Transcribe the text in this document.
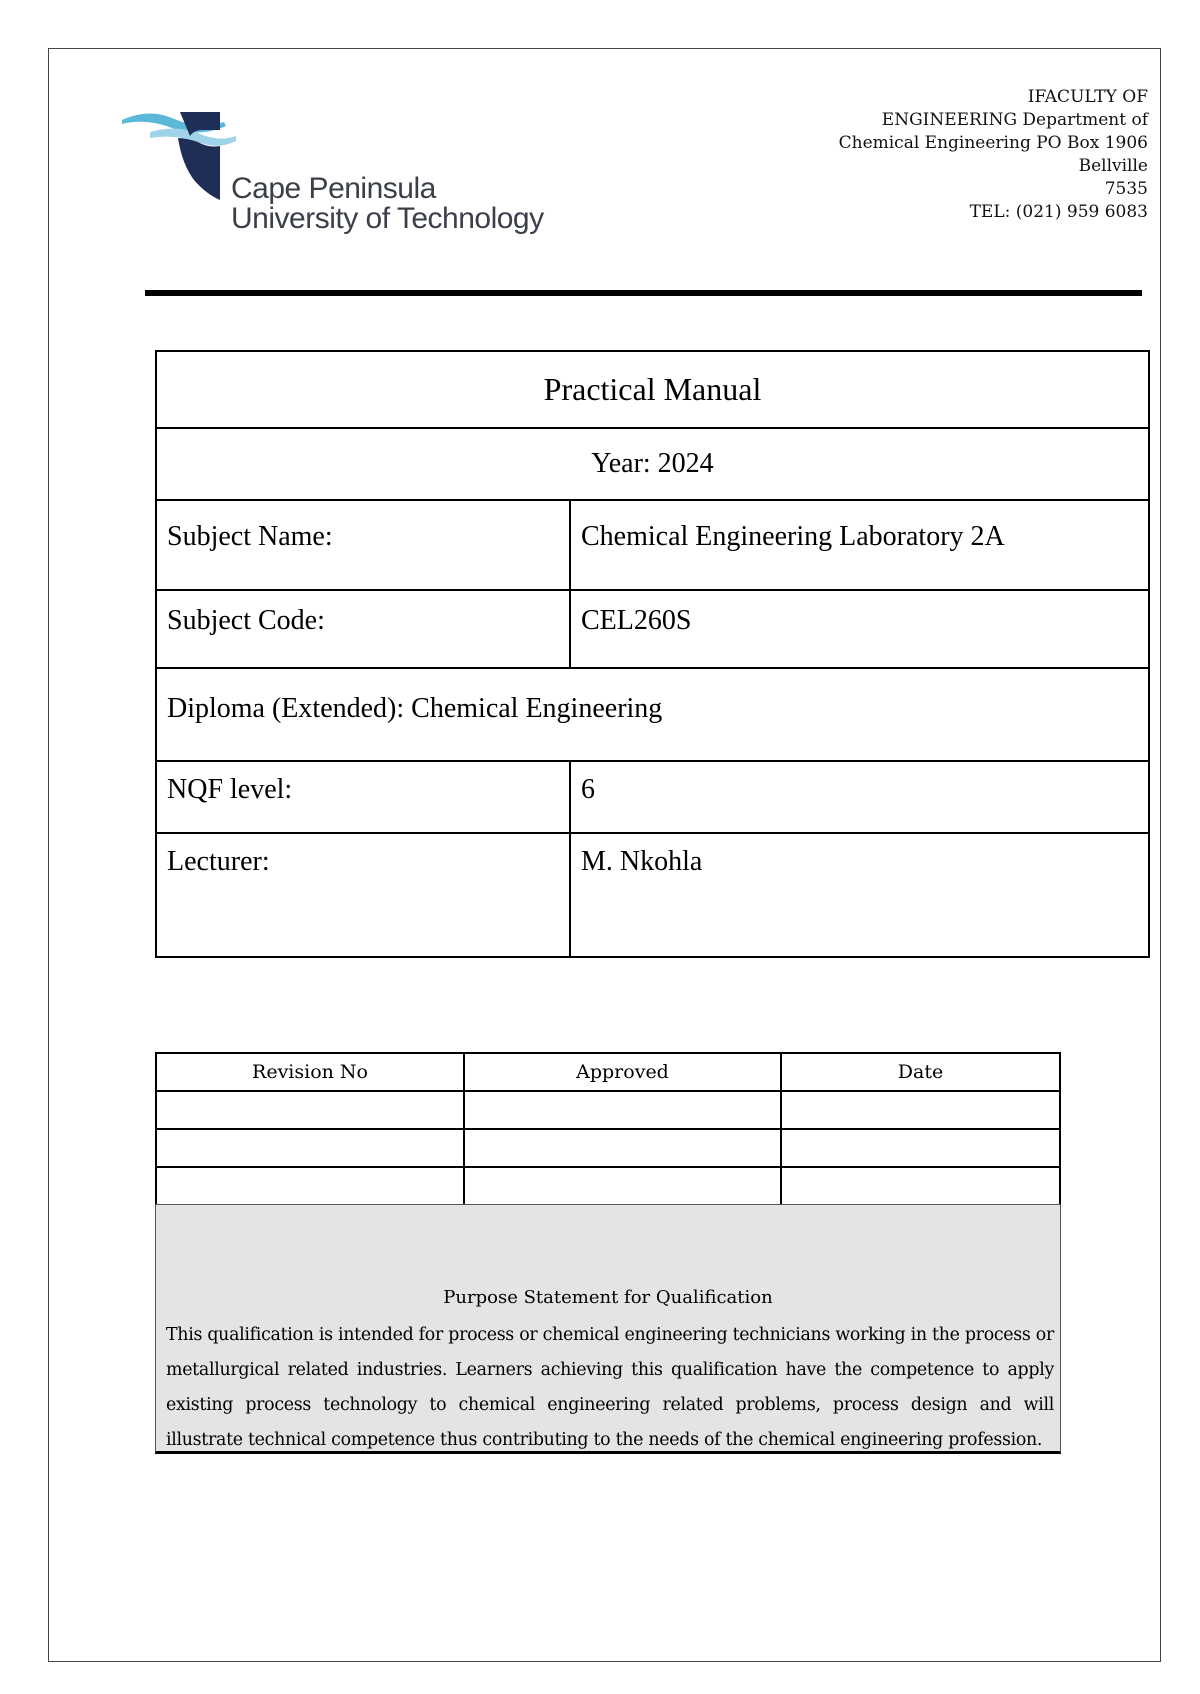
Cape Peninsula
University of Technology
IFACULTY OF
ENGINEERING Department of
Chemical Engineering PO Box 1906
Bellville
7535
TEL: (021) 959 6083
Practical Manual	
Year: 2024	
Subject Name:	Chemical Engineering Laboratory 2A
Subject Code:	CEL260S
Diploma (Extended): Chemical Engineering	
NQF level:	6
Lecturer:	M. Nkohla
Revision No	Approved	Date

Purpose Statement for Qualification
This qualification is intended for process or chemical engineering technicians working in the process or metallurgical related industries. Learners achieving this qualification have the competence to apply existing process technology to chemical engineering related problems, process design and will illustrate technical competence thus contributing to the needs of the chemical engineering profession.
